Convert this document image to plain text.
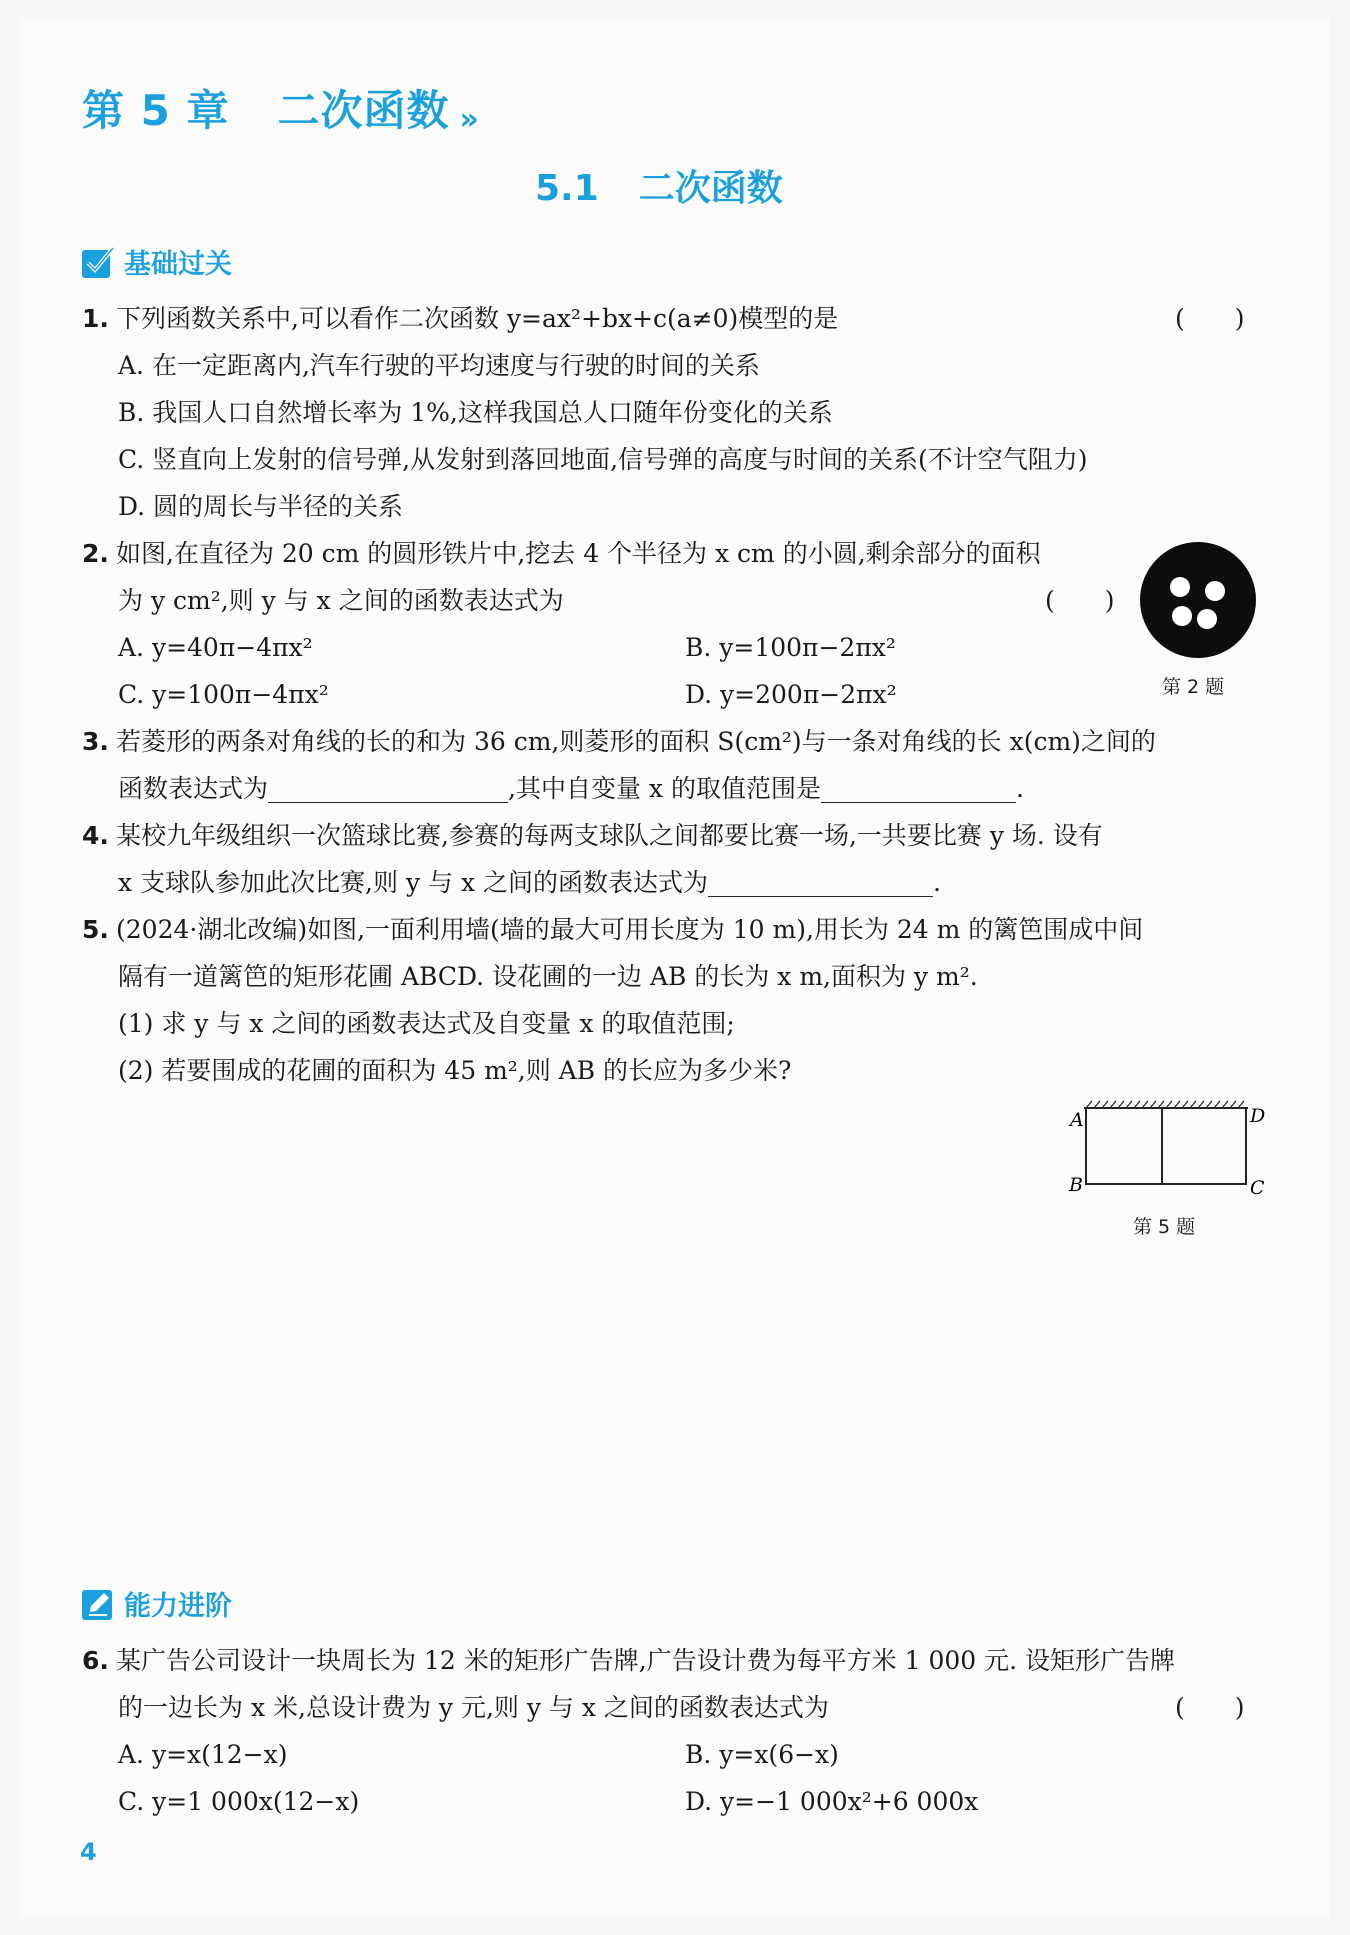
第 5 章 二次函数 »
5.1 二次函数
基础过关
1. 下列函数关系中,可以看作二次函数 y=ax²+bx+c(a≠0)模型的是	(　　)
A. 在一定距离内,汽车行驶的平均速度与行驶的时间的关系
B. 我国人口自然增长率为 1%,这样我国总人口随年份变化的关系
C. 竖直向上发射的信号弹,从发射到落回地面,信号弹的高度与时间的关系(不计空气阻力)
D. 圆的周长与半径的关系
2. 如图,在直径为 20 cm 的圆形铁片中,挖去 4 个半径为 x cm 的小圆,剩余部分的面积
为 y cm²,则 y 与 x 之间的函数表达式为	(　　)
A. y=40π−4πx²	B. y=100π−2πx²
C. y=100π−4πx²	D. y=200π−2πx²	第 2 题
3. 若菱形的两条对角线的长的和为 36 cm,则菱形的面积 S(cm²)与一条对角线的长 x(cm)之间的
函数表达式为	,其中自变量 x 的取值范围是	.
4. 某校九年级组织一次篮球比赛,参赛的每两支球队之间都要比赛一场,一共要比赛 y 场. 设有
x 支球队参加此次比赛,则 y 与 x 之间的函数表达式为	.
5. (2024·湖北改编)如图,一面利用墙(墙的最大可用长度为 10 m),用长为 24 m 的篱笆围成中间
隔有一道篱笆的矩形花圃 ABCD. 设花圃的一边 AB 的长为 x m,面积为 y m².
(1) 求 y 与 x 之间的函数表达式及自变量 x 的取值范围;
(2) 若要围成的花圃的面积为 45 m²,则 AB 的长应为多少米?
A
B	C
D
第 5 题
能力进阶
6. 某广告公司设计一块周长为 12 米的矩形广告牌,广告设计费为每平方米 1 000 元. 设矩形广告牌
的一边长为 x 米,总设计费为 y 元,则 y 与 x 之间的函数表达式为	(　　)
A. y=x(12−x)	B. y=x(6−x)
C. y=1 000x(12−x)	D. y=−1 000x²+6 000x
4
